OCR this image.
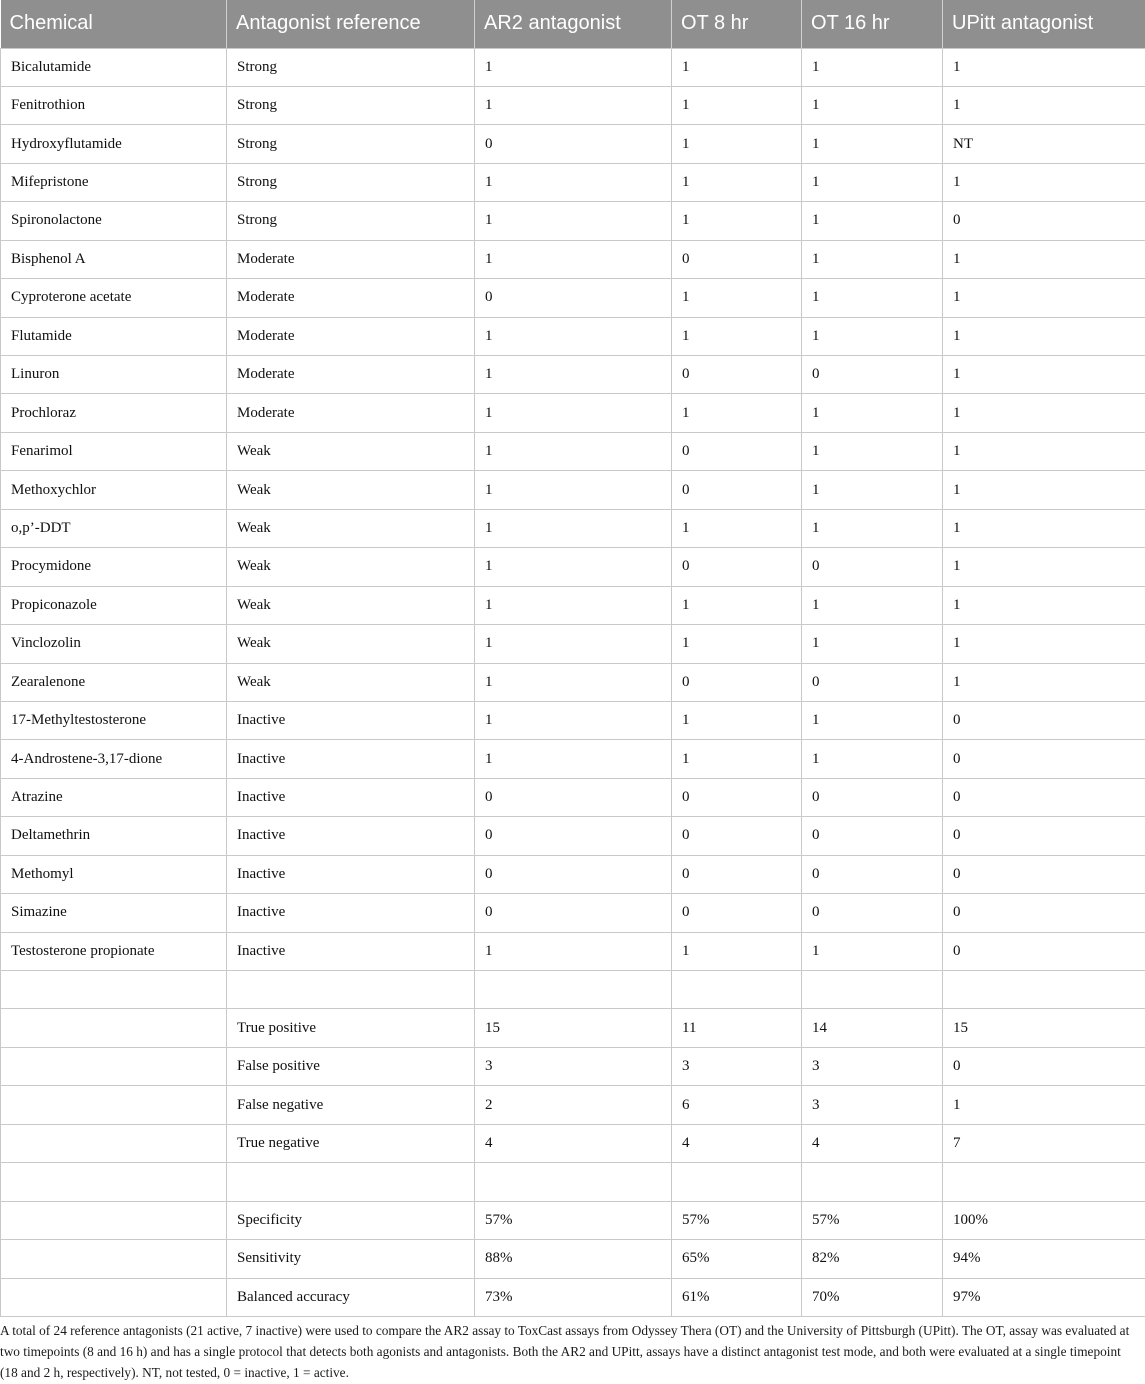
Chemical	Antagonist reference	AR2 antagonist	OT 8 hr	OT 16 hr	UPitt antagonist
Bicalutamide	Strong	1	1	1	1
Fenitrothion	Strong	1	1	1	1
Hydroxyflutamide	Strong	0	1	1	NT
Mifepristone	Strong	1	1	1	1
Spironolactone	Strong	1	1	1	0
Bisphenol A	Moderate	1	0	1	1
Cyproterone acetate	Moderate	0	1	1	1
Flutamide	Moderate	1	1	1	1
Linuron	Moderate	1	0	0	1
Prochloraz	Moderate	1	1	1	1
Fenarimol	Weak	1	0	1	1
Methoxychlor	Weak	1	0	1	1
o,p’-DDT	Weak	1	1	1	1
Procymidone	Weak	1	0	0	1
Propiconazole	Weak	1	1	1	1
Vinclozolin	Weak	1	1	1	1
Zearalenone	Weak	1	0	0	1
17-Methyltestosterone	Inactive	1	1	1	0
4-Androstene-3,17-dione	Inactive	1	1	1	0
Atrazine	Inactive	0	0	0	0
Deltamethrin	Inactive	0	0	0	0
Methomyl	Inactive	0	0	0	0
Simazine	Inactive	0	0	0	0
Testosterone propionate	Inactive	1	1	1	0

	True positive	15	11	14	15
	False positive	3	3	3	0
	False negative	2	6	3	1
	True negative	4	4	4	7

	Specificity	57%	57%	57%	100%
	Sensitivity	88%	65%	82%	94%
	Balanced accuracy	73%	61%	70%	97%
A total of 24 reference antagonists (21 active, 7 inactive) were used to compare the AR2 assay to ToxCast assays from Odyssey Thera (OT) and the University of Pittsburgh (UPitt). The OT, assay was evaluated at two timepoints (8 and 16 h) and has a single protocol that detects both agonists and antagonists. Both the AR2 and UPitt, assays have a distinct antagonist test mode, and both were evaluated at a single timepoint (18 and 2 h, respectively). NT, not tested, 0 = inactive, 1 = active.
